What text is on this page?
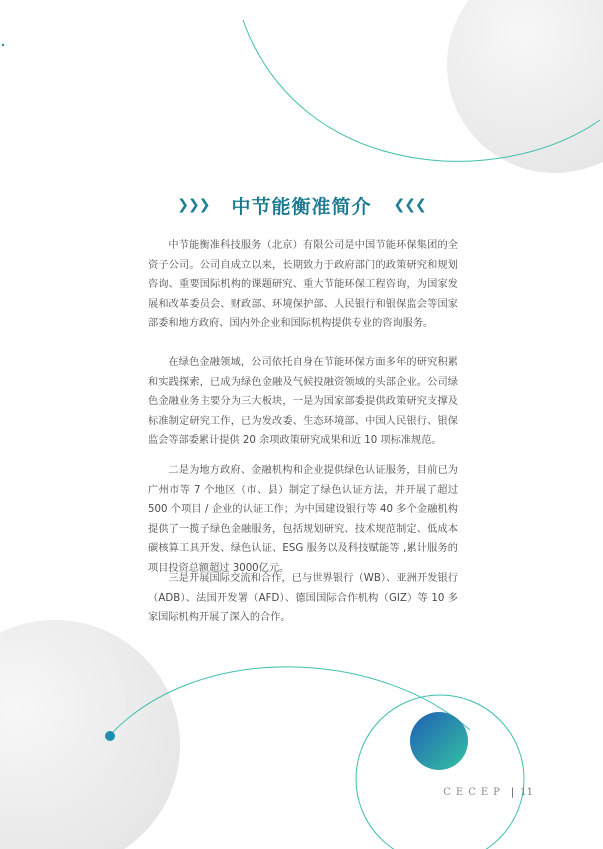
❯❯❯ 中节能衡准简介 ❮❮❮

中节能衡准科技服务（北京）有限公司是中国节能环保集团的全资子公司。公司自成立以来，长期致力于政府部门的政策研究和规划咨询、重要国际机构的课题研究、重大节能环保工程咨询，为国家发展和改革委员会、财政部、环境保护部、人民银行和银保监会等国家部委和地方政府、国内外企业和国际机构提供专业的咨询服务。

在绿色金融领域，公司依托自身在节能环保方面多年的研究积累和实践探索，已成为绿色金融及气候投融资领域的头部企业。公司绿色金融业务主要分为三大板块，一是为国家部委提供政策研究支撑及标准制定研究工作，已为发改委、生态环境部、中国人民银行、银保监会等部委累计提供 20 余项政策研究成果和近 10 项标准规范。

二是为地方政府、金融机构和企业提供绿色认证服务，目前已为广州市等 7 个地区（市、县）制定了绿色认证方法，并开展了超过 500 个项目 / 企业的认证工作；为中国建设银行等 40 多个金融机构提供了一揽子绿色金融服务，包括规划研究、技术规范制定、低成本碳核算工具开发、绿色认证、ESG 服务以及科技赋能等 ,累计服务的项目投资总额超过 3000亿元。

三是开展国际交流和合作，已与世界银行（WB）、亚洲开发银行（ADB）、法国开发署（AFD）、德国国际合作机构（GIZ）等 10 多家国际机构开展了深入的合作。

CECEP | 11
